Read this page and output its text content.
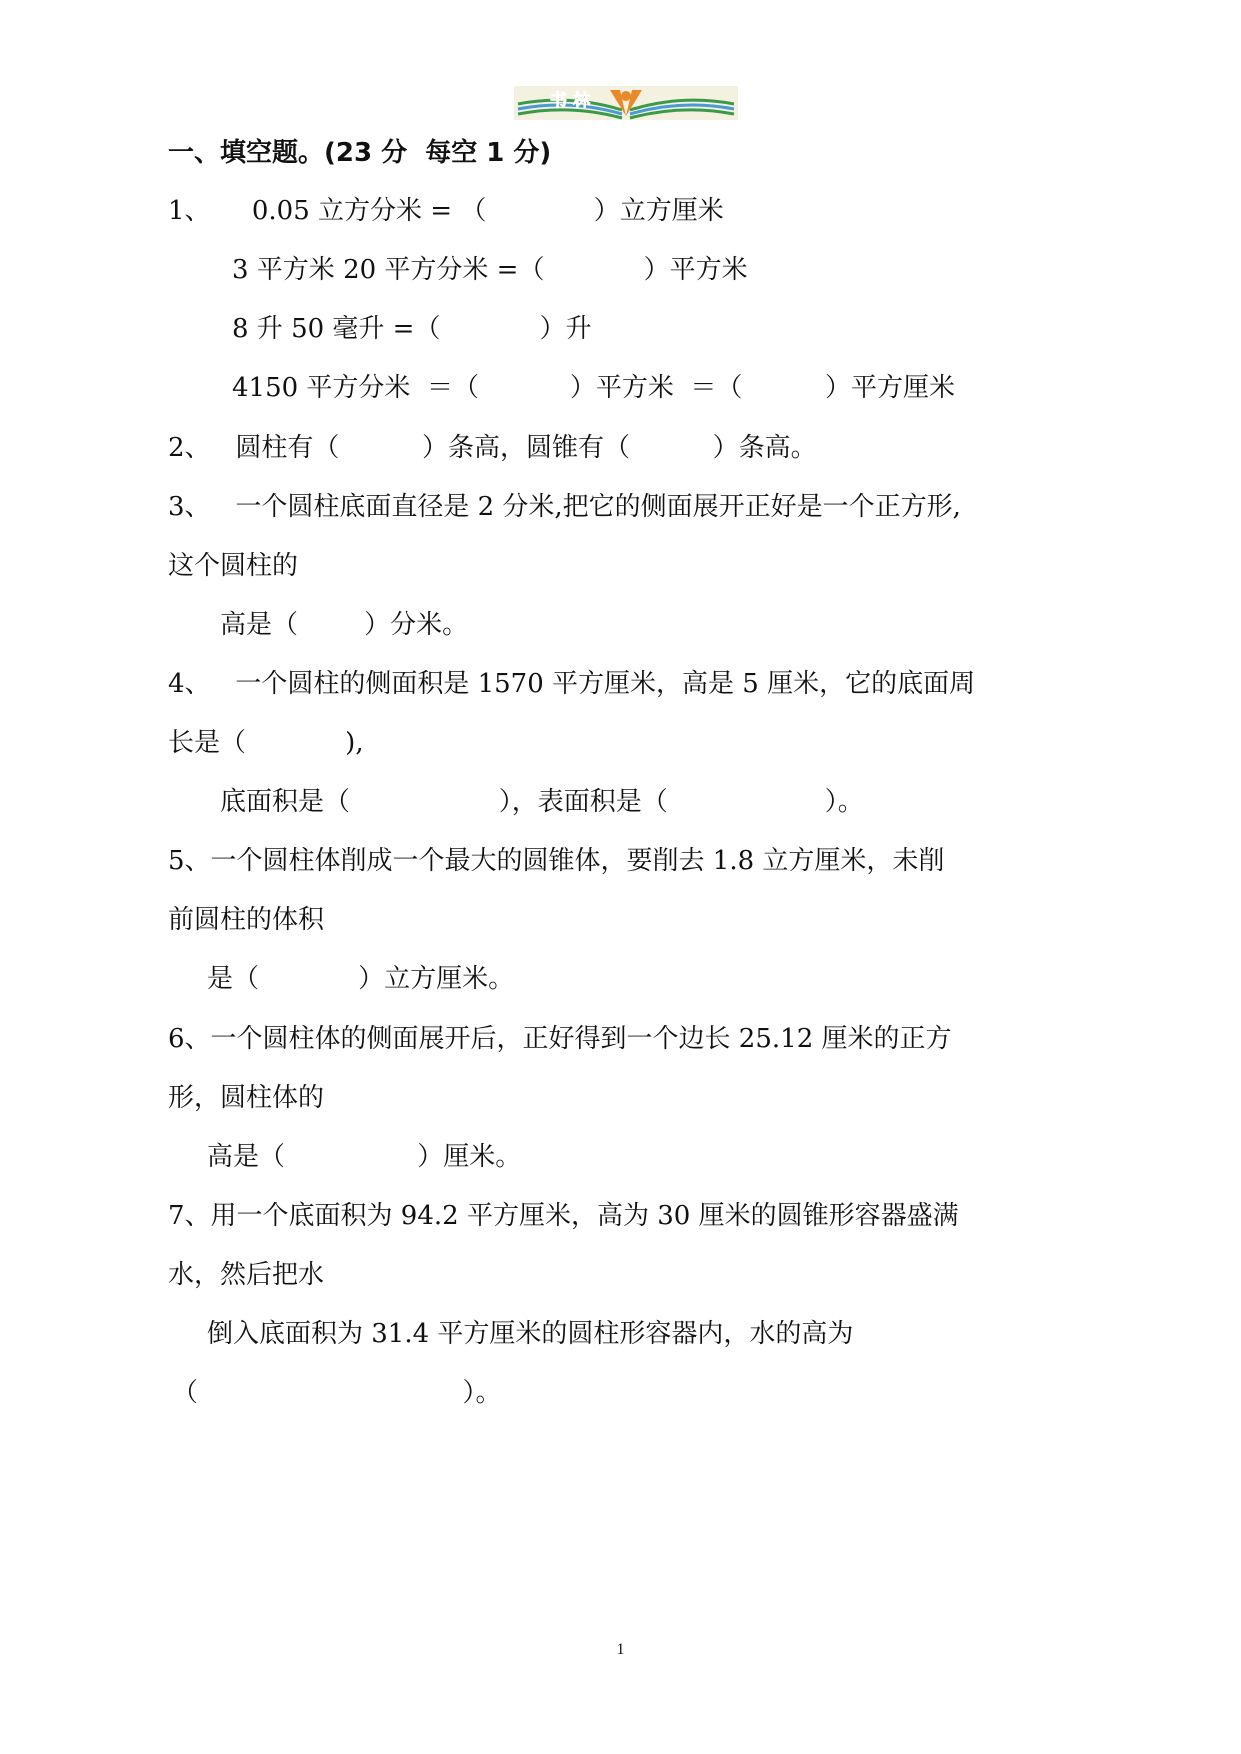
书 林
一、填空题。(23 分  每空 1 分)
1、     0.05 立方分米 = （             ）立方厘米
3 平方米 20 平方分米 =（            ）平方米
8 升 50 毫升 =（            ）升
4150 平方分米  ＝（           ）平方米  ＝（          ）平方厘米
2、   圆柱有（          ）条高，圆锥有（          ）条高。
3、   一个圆柱底面直径是 2 分米,把它的侧面展开正好是一个正方形,
这个圆柱的
高是（        ）分米。
4、   一个圆柱的侧面积是 1570 平方厘米，高是 5 厘米，它的底面周
长是（            ),
底面积是（                  ），表面积是（                   ）。
5、一个圆柱体削成一个最大的圆锥体，要削去 1.8 立方厘米，未削
前圆柱的体积
是（            ）立方厘米。
6、一个圆柱体的侧面展开后，正好得到一个边长 25.12 厘米的正方
形，圆柱体的
高是（                ）厘米。
7、用一个底面积为 94.2 平方厘米，高为 30 厘米的圆锥形容器盛满
水，然后把水
倒入底面积为 31.4 平方厘米的圆柱形容器内，水的高为
（                                ）。
1
